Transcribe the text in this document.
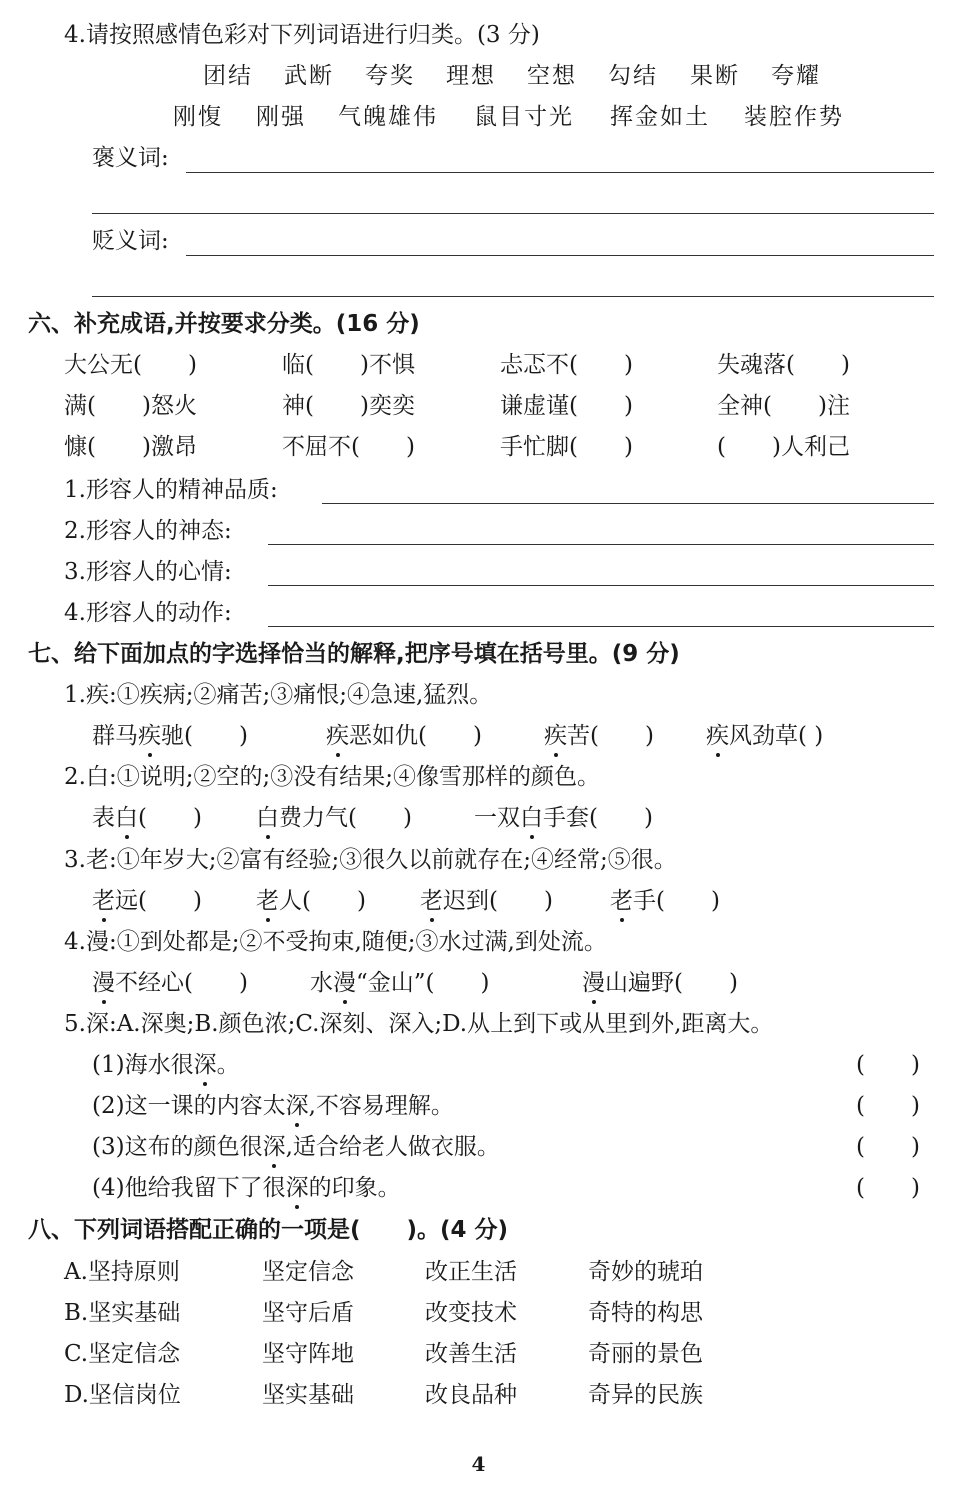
4.请按照感情色彩对下列词语进行归类。(3 分)
团结 武断 夸奖 理想 空想 勾结 果断 夸耀
刚愎 刚强 气魄雄伟 鼠目寸光 挥金如土 装腔作势
褒义词:
贬义词:
六、补充成语,并按要求分类。(16 分)
大公无(　　)	临(　　)不惧	忐忑不(　　)	失魂落(　　)
满(　　)怒火	神(　　)奕奕	谦虚谨(　　)	全神(　　)注
慷(　　)激昂	不屈不(　　)	手忙脚(　　)	(　　)人利己
1.形容人的精神品质:
2.形容人的神态:
3.形容人的心情:
4.形容人的动作:
七、给下面加点的字选择恰当的解释,把序号填在括号里。(9 分)
1.疾:①疾病;②痛苦;③痛恨;④急速,猛烈。
群马疾驰(　　)	疾恶如仇(　　)	疾苦(　　) 疾风劲草( )
2.白:①说明;②空的;③没有结果;④像雪那样的颜色。
表白(　　) 白费力气(　　)	一双白手套(　　)
3.老:①年岁大;②富有经验;③很久以前就存在;④经常;⑤很。
老远(　　) 老人(　　) 老迟到(　　) 老手(　　)
4.漫:①到处都是;②不受拘束,随便;③水过满,到处流。
漫不经心(　　)	水漫“金山”(　　)	漫山遍野(　　)
5.深:A.深奥;B.颜色浓;C.深刻、深入;D.从上到下或从里到外,距离大。
(1)海水很深。	(　　)
(2)这一课的内容太深,不容易理解。	(　　)
(3)这布的颜色很深,适合给老人做衣服。	(　　)
(4)他给我留下了很深的印象。	(　　)
八、下列词语搭配正确的一项是(　　)。(4 分)
A.坚持原则	坚定信念	改正生活	奇妙的琥珀
B.坚实基础	坚守后盾	改变技术	奇特的构思
C.坚定信念	坚守阵地	改善生活	奇丽的景色
D.坚信岗位	坚实基础	改良品种	奇异的民族
4
